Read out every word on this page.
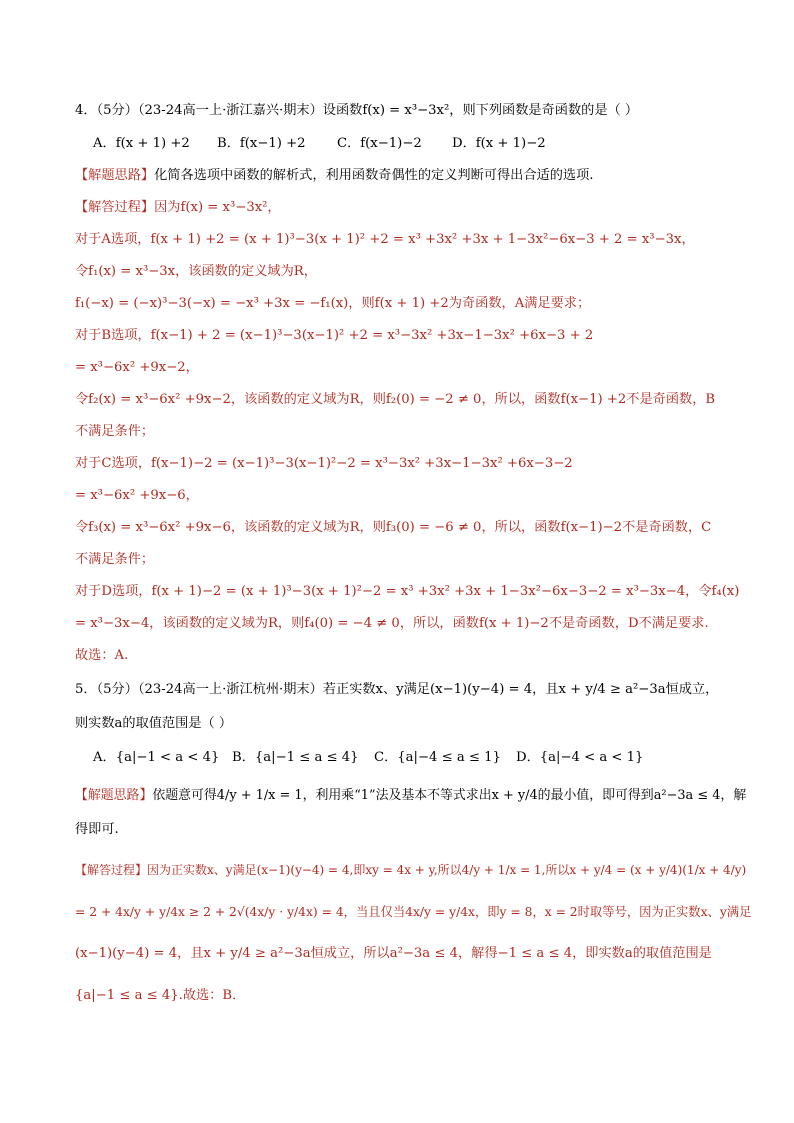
4．（5分）（23-24高一上·浙江嘉兴·期末）设函数f(x) = x³−3x²，则下列函数是奇函数的是（ ）
A．f(x + 1) +2 B．f(x−1) +2 C．f(x−1)−2 D．f(x + 1)−2
【解题思路】化简各选项中函数的解析式，利用函数奇偶性的定义判断可得出合适的选项.
【解答过程】因为f(x) = x³−3x²，
对于A选项，f(x + 1) +2 = (x + 1)³−3(x + 1)² +2 = x³ +3x² +3x + 1−3x²−6x−3 + 2 = x³−3x，
令f₁(x) = x³−3x，该函数的定义域为R，
f₁(−x) = (−x)³−3(−x) = −x³ +3x = −f₁(x)，则f(x + 1) +2为奇函数，A满足要求；
对于B选项，f(x−1) + 2 = (x−1)³−3(x−1)² +2 = x³−3x² +3x−1−3x² +6x−3 + 2
= x³−6x² +9x−2，
令f₂(x) = x³−6x² +9x−2，该函数的定义域为R，则f₂(0) = −2 ≠ 0，所以，函数f(x−1) +2不是奇函数，B
不满足条件；
对于C选项，f(x−1)−2 = (x−1)³−3(x−1)²−2 = x³−3x² +3x−1−3x² +6x−3−2
= x³−6x² +9x−6，
令f₃(x) = x³−6x² +9x−6，该函数的定义域为R，则f₃(0) = −6 ≠ 0，所以，函数f(x−1)−2不是奇函数，C
不满足条件；
对于D选项，f(x + 1)−2 = (x + 1)³−3(x + 1)²−2 = x³ +3x² +3x + 1−3x²−6x−3−2 = x³−3x−4，令f₄(x)
= x³−3x−4，该函数的定义域为R，则f₄(0) = −4 ≠ 0，所以，函数f(x + 1)−2不是奇函数，D不满足要求.
故选：A.
5．（5分）（23-24高一上·浙江杭州·期末）若正实数x、y满足(x−1)(y−4) = 4，且x + y/4 ≥ a²−3a恒成立，
则实数a的取值范围是（ ）
A．{a|−1 < a < 4} B．{a|−1 ≤ a ≤ 4} C．{a|−4 ≤ a ≤ 1} D．{a|−4 < a < 1}
【解题思路】依题意可得4/y + 1/x = 1，利用乘“1”法及基本不等式求出x + y/4的最小值，即可得到a²−3a ≤ 4，解
得即可.
【解答过程】因为正实数x、y满足(x−1)(y−4) = 4,即xy = 4x + y,所以4/y + 1/x = 1,所以x + y/4 = (x + y/4)(1/x + 4/y)
= 2 + 4x/y + y/4x ≥ 2 + 2√(4x/y · y/4x) = 4，当且仅当4x/y = y/4x，即y = 8，x = 2时取等号，因为正实数x、y满足
(x−1)(y−4) = 4，且x + y/4 ≥ a²−3a恒成立，所以a²−3a ≤ 4，解得−1 ≤ a ≤ 4，即实数a的取值范围是
{a|−1 ≤ a ≤ 4}.故选：B．
